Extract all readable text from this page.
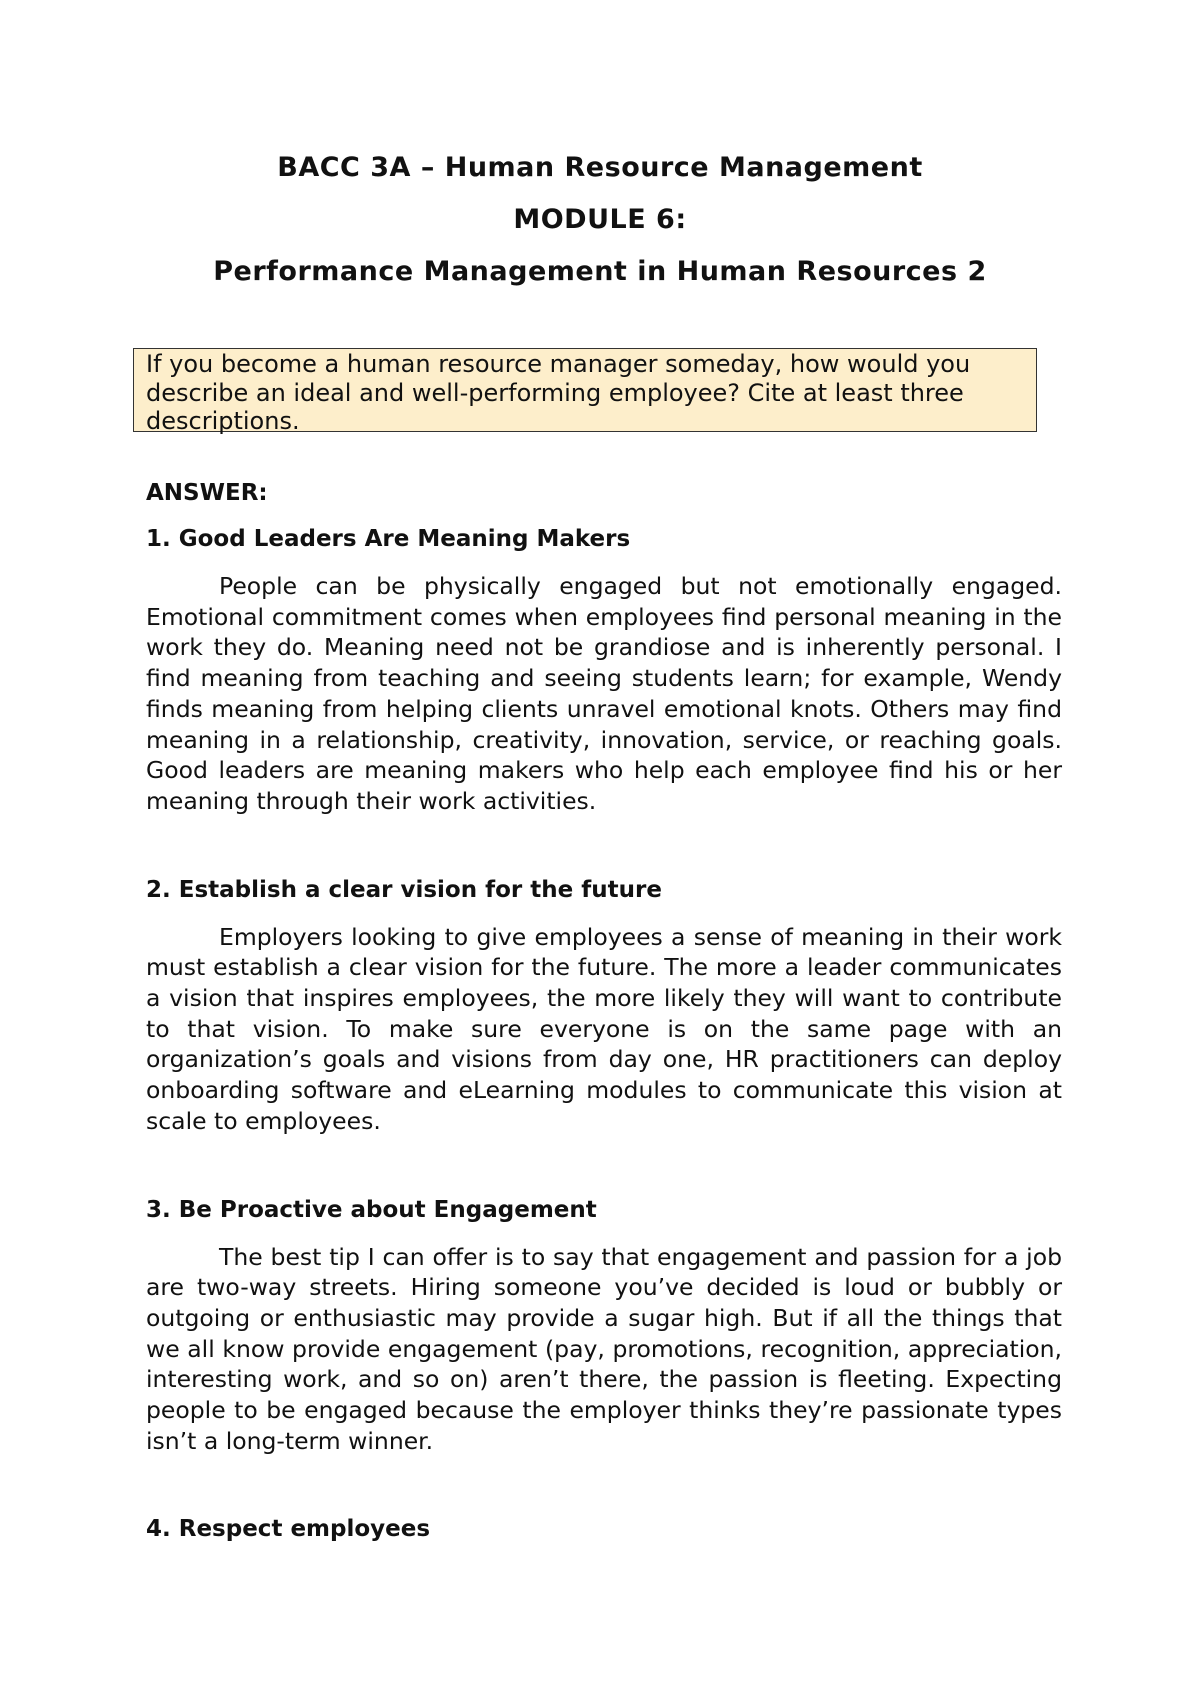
BACC 3A – Human Resource Management
MODULE 6:
Performance Management in Human Resources 2
If you become a human resource manager someday, how would you describe an ideal and well-performing employee? Cite at least three descriptions.
ANSWER:
1. Good Leaders Are Meaning Makers

People can be physically engaged but not emotionally engaged. Emotional commitment comes when employees find personal meaning in the work they do. Meaning need not be grandiose and is inherently personal. I find meaning from teaching and seeing students learn; for example, Wendy finds meaning from helping clients unravel emotional knots. Others may find meaning in a relationship, creativity, innovation, service, or reaching goals. Good leaders are meaning makers who help each employee find his or her meaning through their work activities.

2. Establish a clear vision for the future

Employers looking to give employees a sense of meaning in their work must establish a clear vision for the future. The more a leader communicates a vision that inspires employees, the more likely they will want to contribute to that vision. To make sure everyone is on the same page with an organization’s goals and visions from day one, HR practitioners can deploy onboarding software and eLearning modules to communicate this vision at scale to employees.

3. Be Proactive about Engagement

The best tip I can offer is to say that engagement and passion for a job are two-way streets. Hiring someone you’ve decided is loud or bubbly or outgoing or enthusiastic may provide a sugar high. But if all the things that we all know provide engagement (pay, promotions, recognition, appreciation, interesting work, and so on) aren’t there, the passion is fleeting. Expecting people to be engaged because the employer thinks they’re passionate types isn’t a long-term winner.

4. Respect employees
